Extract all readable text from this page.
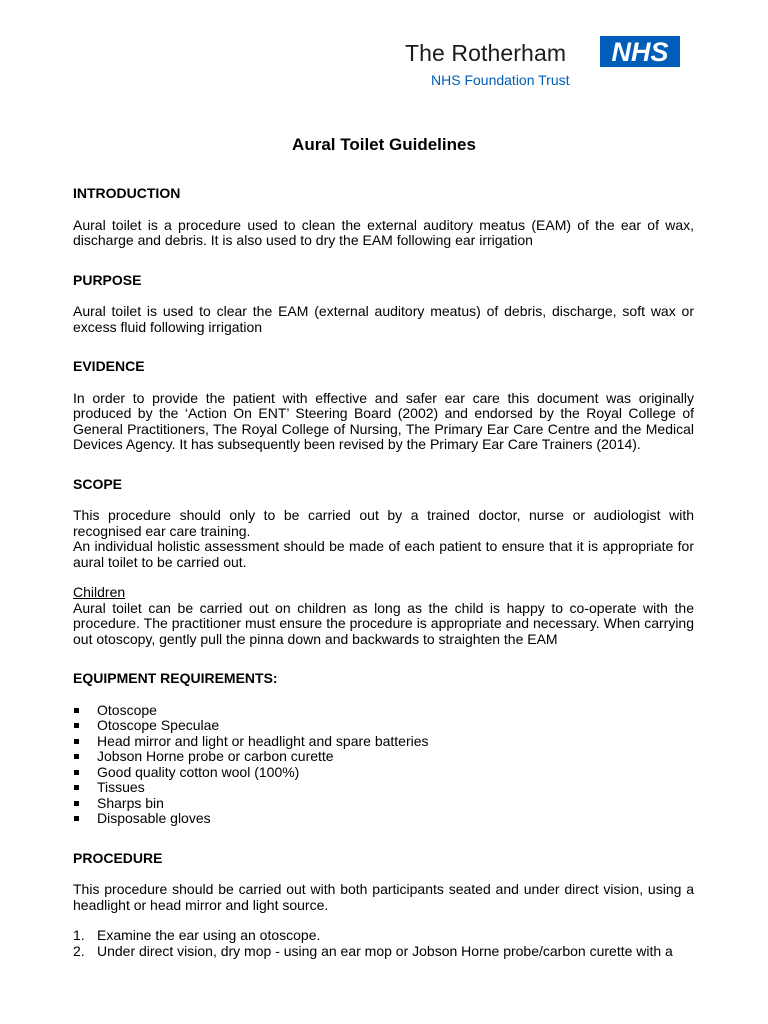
The Rotherham
NHS Foundation Trust
NHS
Aural Toilet Guidelines

INTRODUCTION

Aural toilet is a procedure used to clean the external auditory meatus (EAM) of the ear of wax, discharge and debris. It is also used to dry the EAM following ear irrigation

PURPOSE

Aural toilet is used to clear the EAM (external auditory meatus) of debris, discharge, soft wax or excess fluid following irrigation

EVIDENCE

In order to provide the patient with effective and safer ear care this document was originally produced by the ‘Action On ENT’ Steering Board (2002) and endorsed by the Royal College of General Practitioners, The Royal College of Nursing, The Primary Ear Care Centre and the Medical Devices Agency. It has subsequently been revised by the Primary Ear Care Trainers (2014).

SCOPE

This procedure should only to be carried out by a trained doctor, nurse or audiologist with recognised ear care training.

An individual holistic assessment should be made of each patient to ensure that it is appropriate for aural toilet to be carried out.

Children

Aural toilet can be carried out on children as long as the child is happy to co-operate with the procedure. The practitioner must ensure the procedure is appropriate and necessary. When carrying out otoscopy, gently pull the pinna down and backwards to straighten the EAM

EQUIPMENT REQUIREMENTS:

Otoscope
Otoscope Speculae
Head mirror and light or headlight and spare batteries
Jobson Horne probe or carbon curette
Good quality cotton wool (100%)
Tissues
Sharps bin
Disposable gloves

PROCEDURE

This procedure should be carried out with both participants seated and under direct vision, using a headlight or head mirror and light source.

1. Examine the ear using an otoscope.
2. Under direct vision, dry mop - using an ear mop or Jobson Horne probe/carbon curette with a
